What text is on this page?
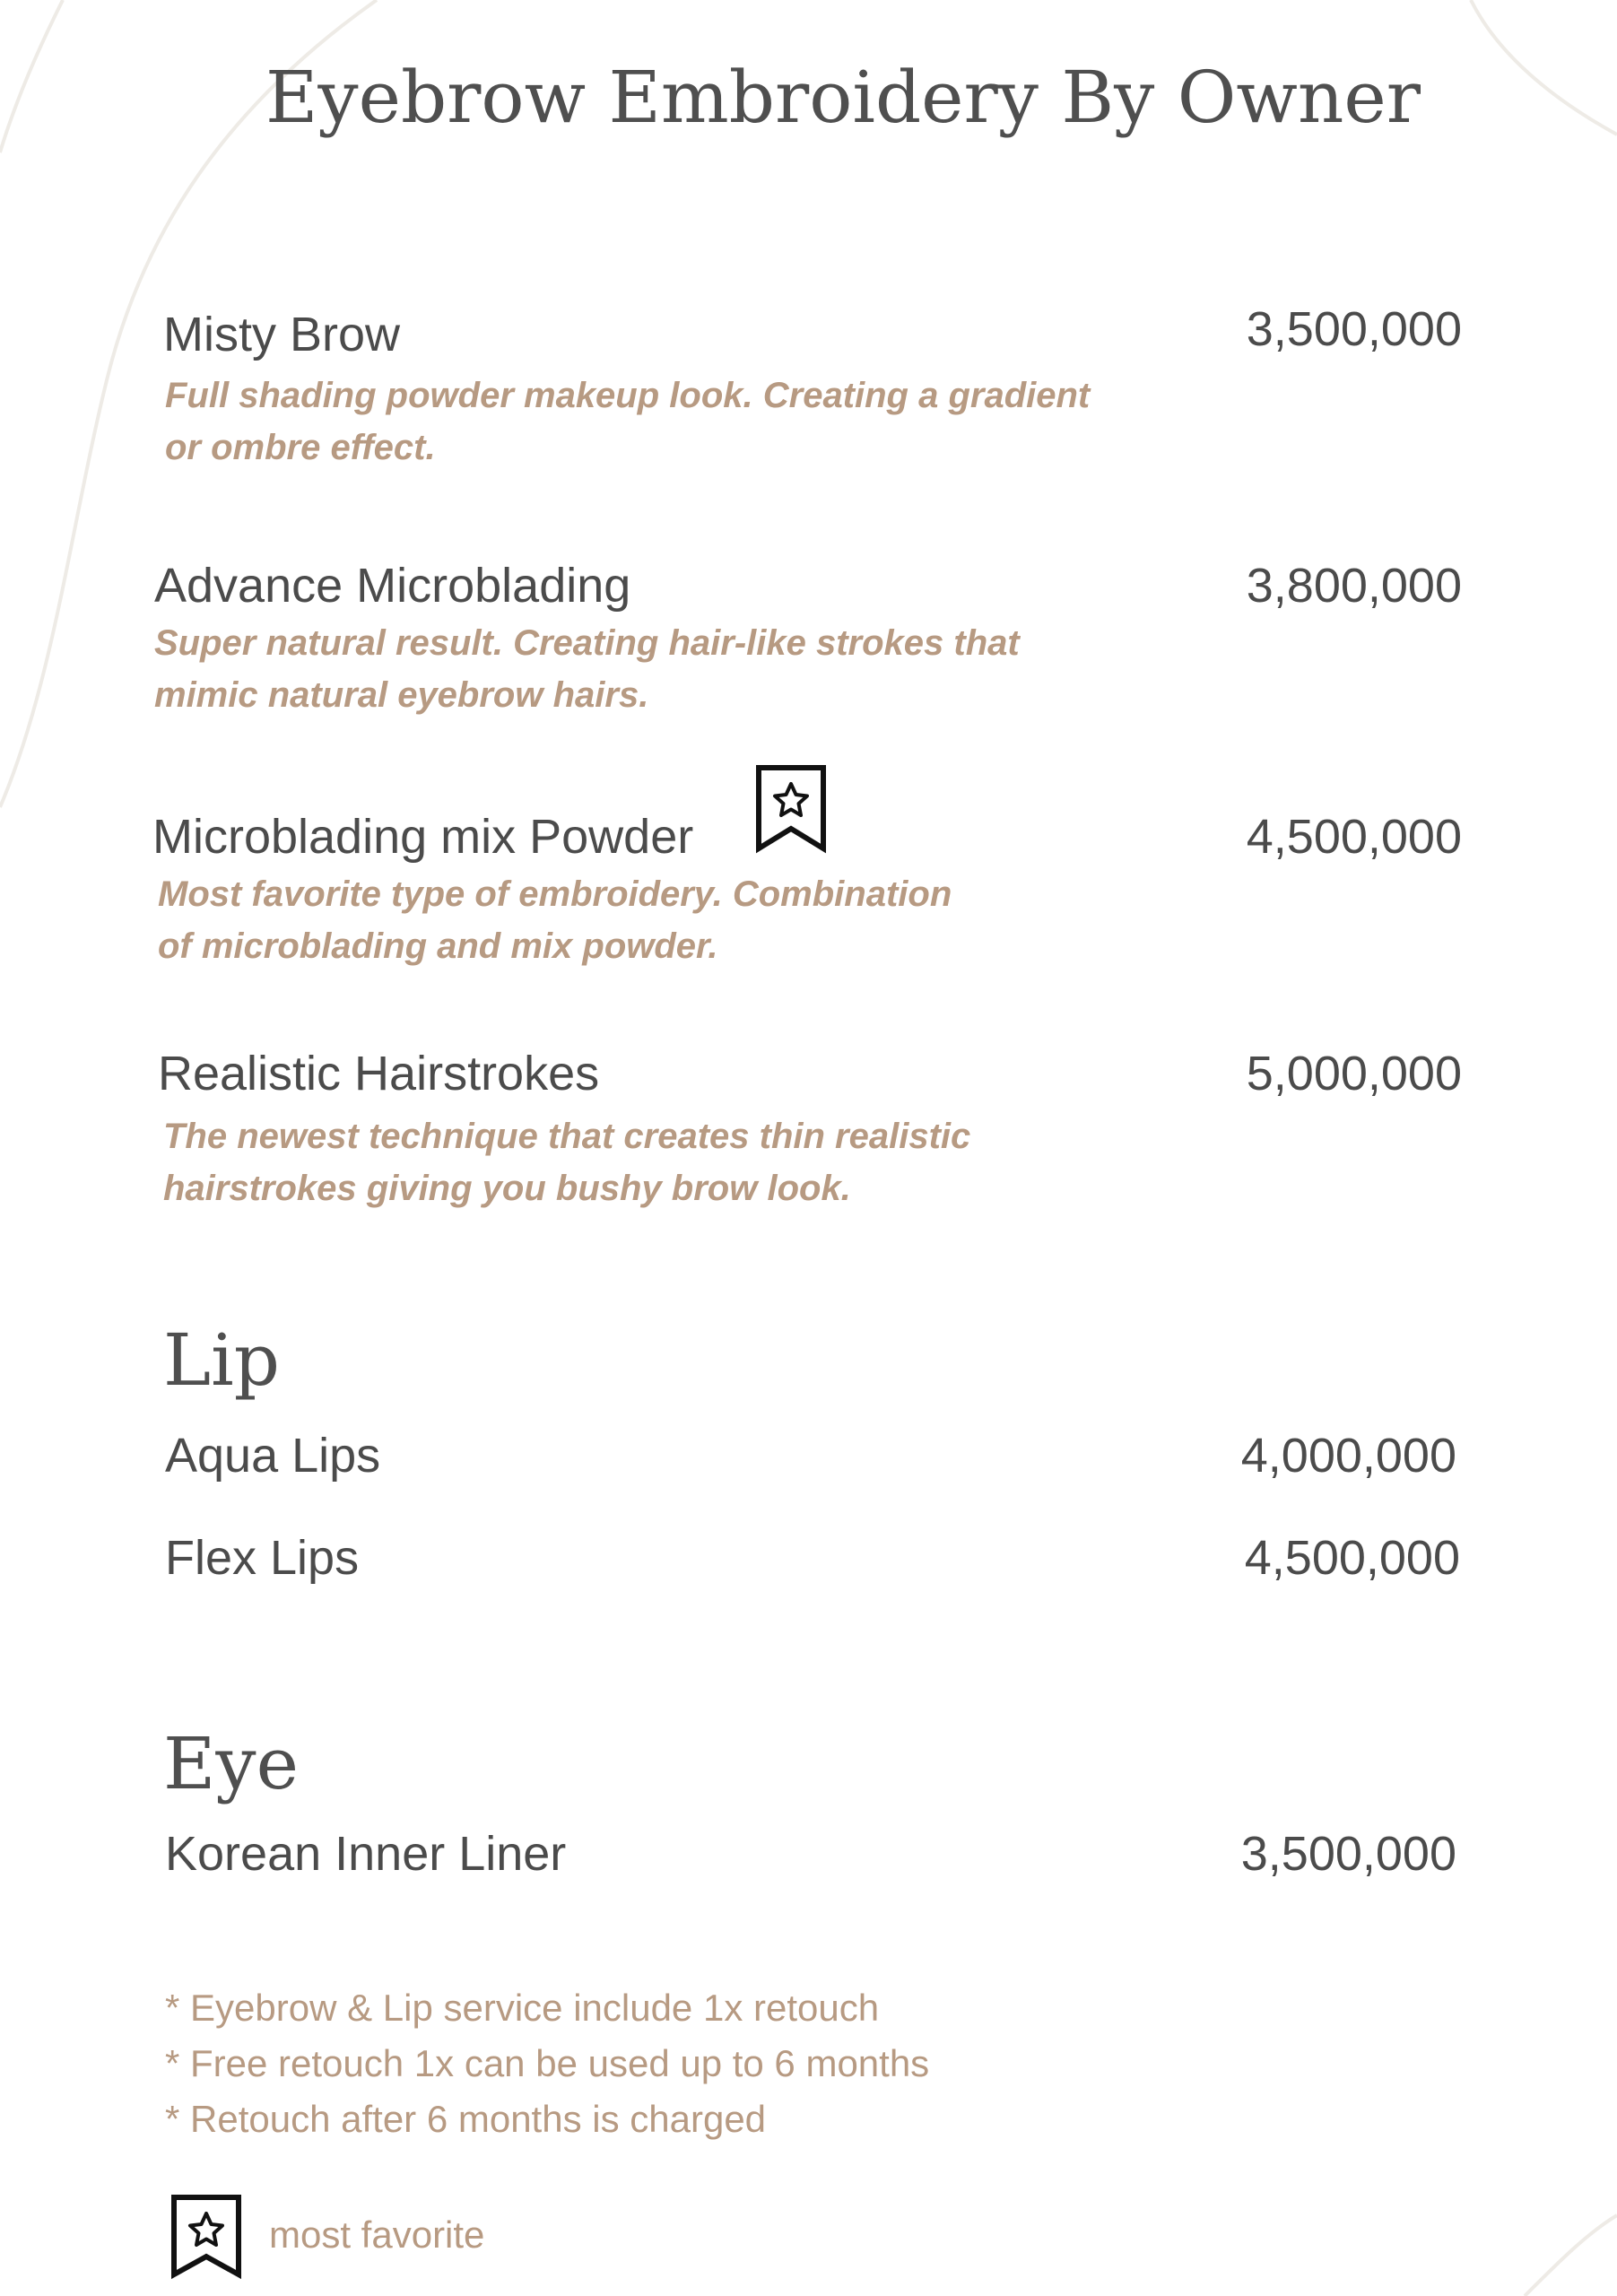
Eyebrow Embroidery By Owner
Misty Brow	3,500,000
Full shading powder makeup look. Creating a gradient
or ombre effect.
Advance Microblading	3,800,000
Super natural result. Creating hair-like strokes that
mimic natural eyebrow hairs.
Microblading mix Powder	4,500,000
Most favorite type of embroidery. Combination
of microblading and mix powder.
Realistic Hairstrokes	5,000,000
The newest technique that creates thin realistic
hairstrokes giving you bushy brow look.
Lip
Aqua Lips	4,000,000
Flex Lips	4,500,000
Eye
Korean Inner Liner	3,500,000
* Eyebrow & Lip service include 1x retouch
* Free retouch 1x can be used up to 6 months
* Retouch after 6 months is charged
most favorite
